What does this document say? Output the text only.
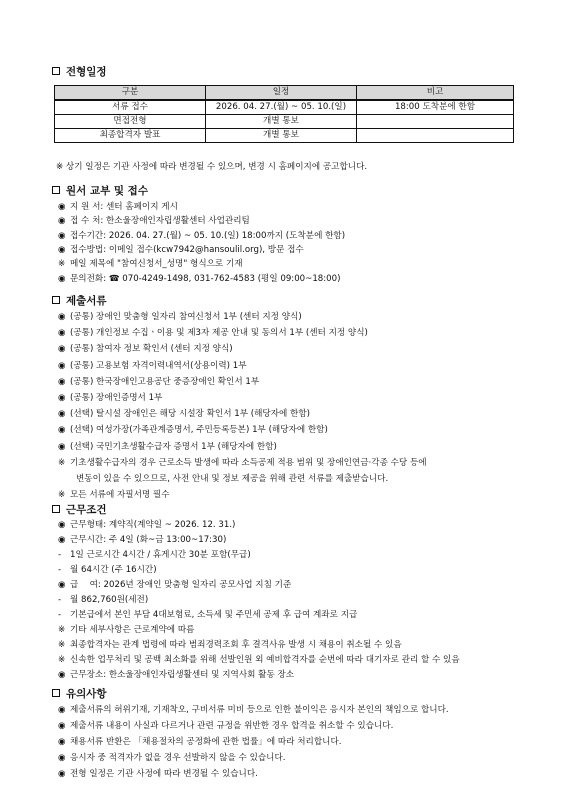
전형일정
구분	일정	비고
서류 접수	2026. 04. 27.(월) ~ 05. 10.(일)	18:00 도착분에 한함
면접전형	개별 통보	
최종합격자 발표	개별 통보	
※ 상기 일정은 기관 사정에 따라 변경될 수 있으며, 변경 시 홈페이지에 공고합니다.
원서 교부 및 접수
◉ 지 원 서: 센터 홈페이지 게시
◉ 접 수 처: 한소울장애인자립생활센터 사업관리팀
◉ 접수기간: 2026. 04. 27.(월) ~ 05. 10.(일) 18:00까지 (도착분에 한함)
◉ 접수방법: 이메일 접수(kcw7942@hansoulil.org), 방문 접수
※ 메일 제목에 "참여신청서_성명" 형식으로 기재
◉ 문의전화: ☎ 070-4249-1498, 031-762-4583 (평일 09:00~18:00)
제출서류
◉ (공통) 장애인 맞춤형 일자리 참여신청서 1부 (센터 지정 양식)
◉ (공통) 개인정보 수집ㆍ이용 및 제3자 제공 안내 및 동의서 1부 (센터 지정 양식)
◉ (공통) 참여자 정보 확인서 (센터 지정 양식)
◉ (공통) 고용보험 자격이력내역서(상용이력) 1부
◉ (공통) 한국장애인고용공단 중증장애인 확인서 1부
◉ (공통) 장애인증명서 1부
◉ (선택) 탈시설 장애인은 해당 시설장 확인서 1부 (해당자에 한함)
◉ (선택) 여성가장(가족관계증명서, 주민등록등본) 1부 (해당자에 한함)
◉ (선택) 국민기초생활수급자 증명서 1부 (해당자에 한함)
※ 기초생활수급자의 경우 근로소득 발생에 따라 소득공제 적용 범위 및 장애인연금·각종 수당 등에
변동이 있을 수 있으므로, 사전 안내 및 정보 제공을 위해 관련 서류를 제출받습니다.
※ 모든 서류에 자필서명 필수
근무조건
◉ 근무형태: 계약직(계약일 ~ 2026. 12. 31.)
◉ 근무시간: 주 4일 (화~금 13:00~17:30)
- 1일 근로시간 4시간 / 휴게시간 30분 포함(무급)
- 월 64시간 (주 16시간)
◉ 급　 여: 2026년 장애인 맞춤형 일자리 공모사업 지침 기준
- 월 862,760원(세전)
- 기본급에서 본인 부담 4대보험료, 소득세 및 주민세 공제 후 급여 계좌로 지급
※ 기타 세부사항은 근로계약에 따름
※ 최종합격자는 관계 법령에 따라 범죄경력조회 후 결격사유 발생 시 채용이 취소될 수 있음
※ 신속한 업무처리 및 공백 최소화를 위해 선발인원 외 예비합격자를 순번에 따라 대기자로 관리 할 수 있음
◉ 근무장소: 한소울장애인자립생활센터 및 지역사회 활동 장소
유의사항
◉ 제출서류의 허위기재, 기재착오, 구비서류 미비 등으로 인한 불이익은 응시자 본인의 책임으로 합니다.
◉ 제출서류 내용이 사실과 다르거나 관련 규정을 위반한 경우 합격을 취소할 수 있습니다.
◉ 채용서류 반환은 「채용절차의 공정화에 관한 법률」에 따라 처리합니다.
◉ 응시자 중 적격자가 없을 경우 선발하지 않을 수 있습니다.
◉ 전형 일정은 기관 사정에 따라 변경될 수 있습니다.
